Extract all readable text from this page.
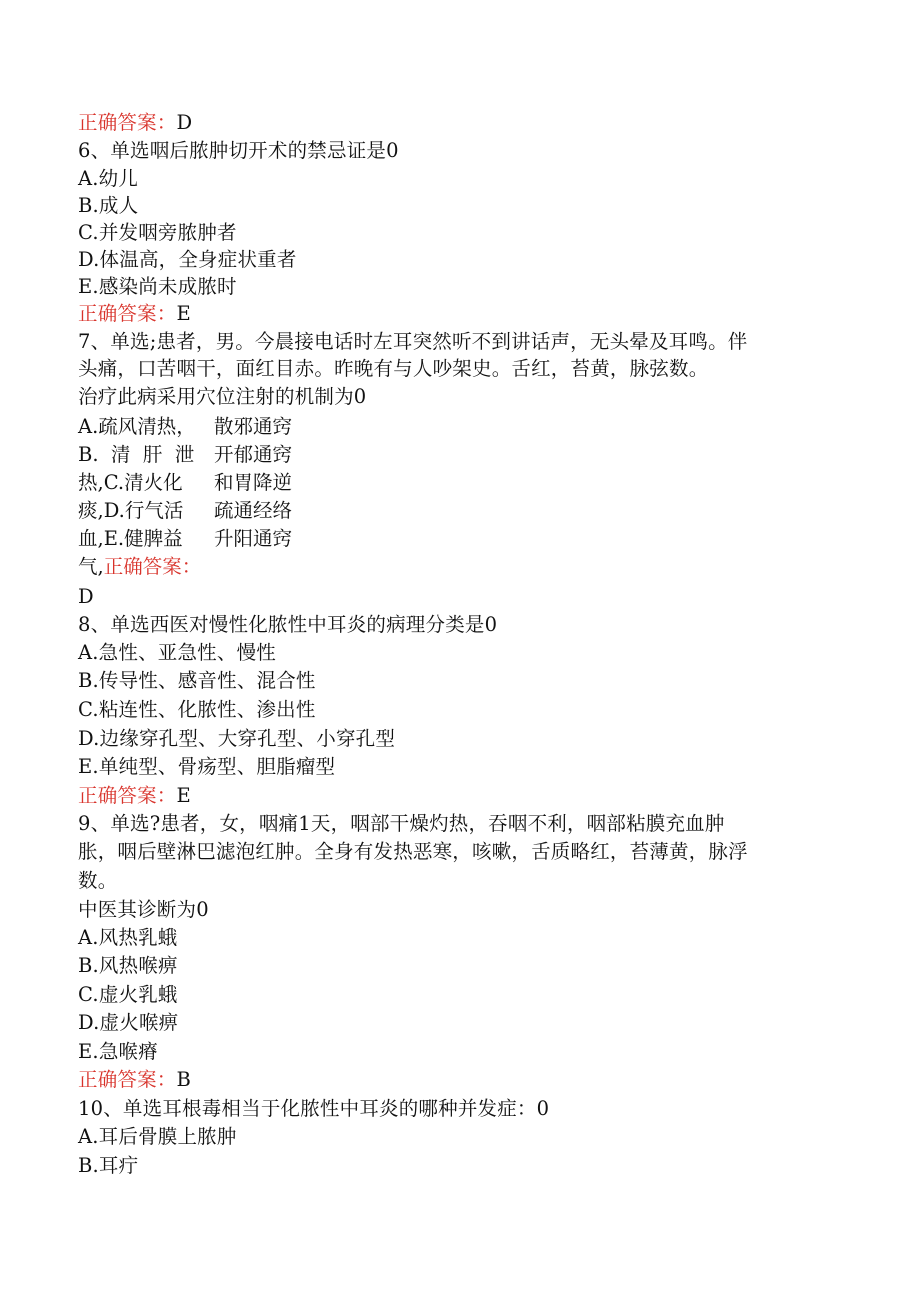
正确答案：D
6、单选咽后脓肿切开术的禁忌证是0
A.幼儿
B.成人
C.并发咽旁脓肿者
D.体温高，全身症状重者
E.感染尚未成脓时
正确答案：E
7、单选;患者，男。今晨接电话时左耳突然听不到讲话声，无头晕及耳鸣。伴
头痛，口苦咽干，面红目赤。昨晚有与人吵架史。舌红，苔黄，脉弦数。
治疗此病采用穴位注射的机制为0
A.疏风清热， 散邪通窍
B.  清  肝  泄 开郁通窍
热,C.清火化 和胃降逆
痰,D.行气活 疏通经络
血,E.健脾益 升阳通窍
气,正确答案：
D
8、单选西医对慢性化脓性中耳炎的病理分类是0
A.急性、亚急性、慢性
B.传导性、感音性、混合性
C.粘连性、化脓性、渗出性
D.边缘穿孔型、大穿孔型、小穿孔型
E.单纯型、骨疡型、胆脂瘤型
正确答案：E
9、单选?患者，女，咽痛1天，咽部干燥灼热，吞咽不利，咽部粘膜充血肿
胀，咽后壁淋巴滤泡红肿。全身有发热恶寒，咳嗽，舌质略红，苔薄黄，脉浮
数。
中医其诊断为0
A.风热乳蛾
B.风热喉痹
C.虚火乳蛾
D.虚火喉痹
E.急喉瘠
正确答案：B
10、单选耳根毒相当于化脓性中耳炎的哪种并发症：0
A.耳后骨膜上脓肿
B.耳疔
